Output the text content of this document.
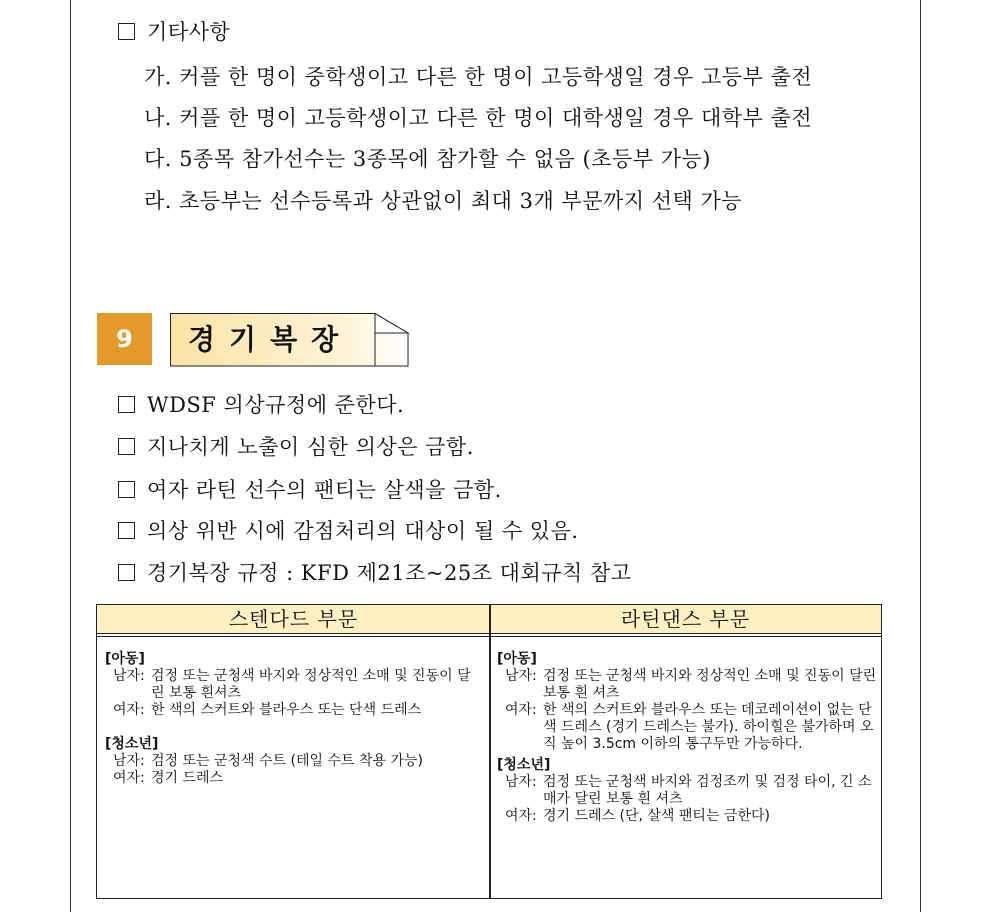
기타사항
가. 커플 한 명이 중학생이고 다른 한 명이 고등학생일 경우 고등부 출전
나. 커플 한 명이 고등학생이고 다른 한 명이 대학생일 경우 대학부 출전
다. 5종목 참가선수는 3종목에 참가할 수 없음 (초등부 가능)
라. 초등부는 선수등록과 상관없이 최대 3개 부문까지 선택 가능
9	경기복장
WDSF 의상규정에 준한다.
지나치게 노출이 심한 의상은 금함.
여자 라틴 선수의 팬티는 살색을 금함.
의상 위반 시에 감점처리의 대상이 될 수 있음.
경기복장 규정 : KFD 제21조~25조 대회규칙 참고
스텐다드 부문	라틴댄스 부문
[아동]
남자: 검정 또는 군청색 바지와 정상적인 소매 및 진동이 달린 보통 흰셔츠
여자: 한 색의 스커트와 블라우스 또는 단색 드레스
[청소년]
남자: 검정 또는 군청색 수트 (테일 수트 착용 가능)
여자: 경기 드레스
[아동]
남자: 검정 또는 군청색 바지와 정상적인 소매 및 진동이 달린 보통 흰 셔츠
여자: 한 색의 스커트와 블라우스 또는 데코레이션이 없는 단색 드레스 (경기 드레스는 불가). 하이힐은 불가하며 오직 높이 3.5cm 이하의 통구두만 가능하다.
[청소년]
남자: 검정 또는 군청색 바지와 검정조끼 및 검정 타이, 긴 소매가 달린 보통 흰 셔츠
여자: 경기 드레스 (단, 살색 팬티는 금한다)
